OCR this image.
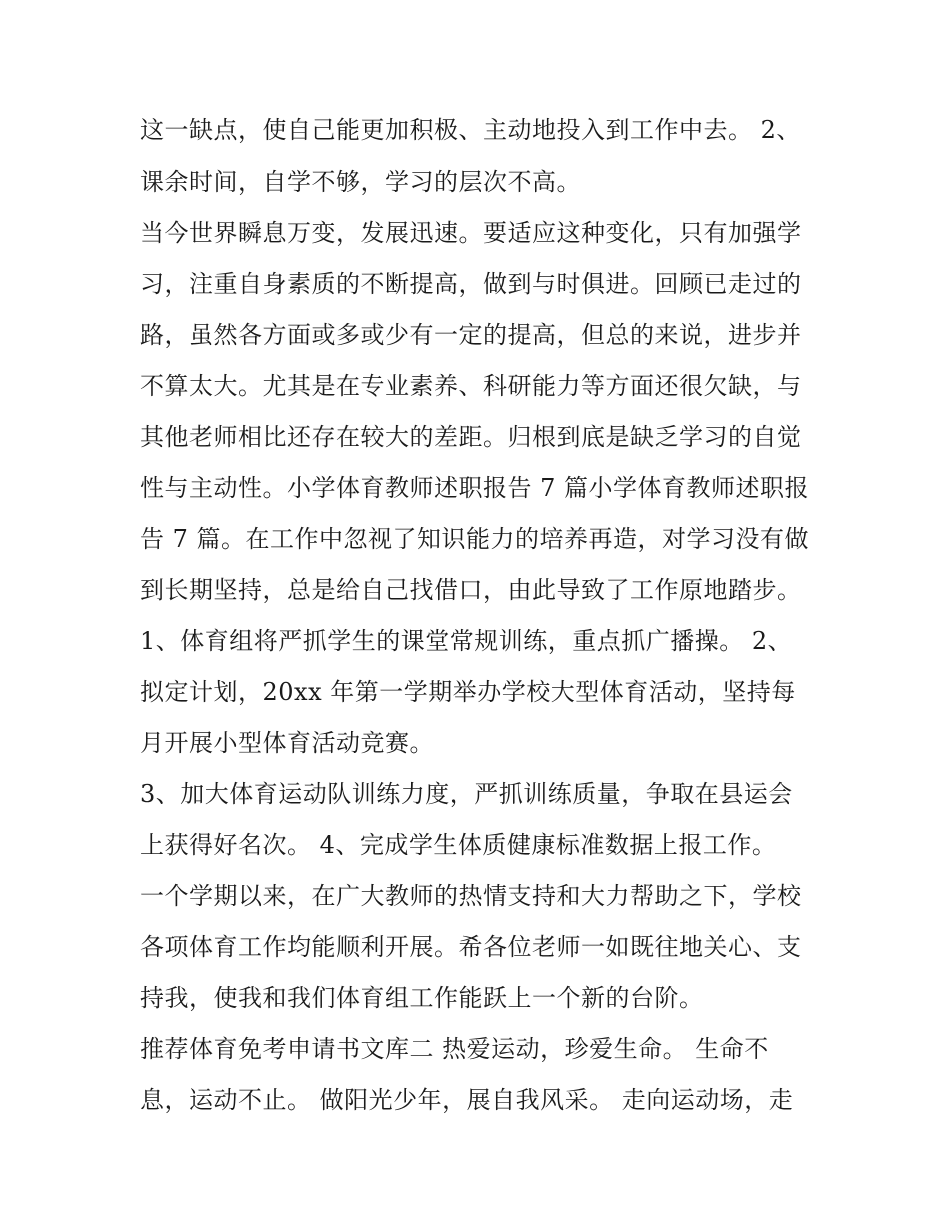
这一缺点，使自己能更加积极、主动地投入到工作中去。 2、
课余时间，自学不够，学习的层次不高。
当今世界瞬息万变，发展迅速。要适应这种变化，只有加强学
习，注重自身素质的不断提高，做到与时俱进。回顾已走过的
路，虽然各方面或多或少有一定的提高，但总的来说，进步并
不算太大。尤其是在专业素养、科研能力等方面还很欠缺，与
其他老师相比还存在较大的差距。归根到底是缺乏学习的自觉
性与主动性。小学体育教师述职报告 7 篇小学体育教师述职报
告 7 篇。在工作中忽视了知识能力的培养再造，对学习没有做
到长期坚持，总是给自己找借口，由此导致了工作原地踏步。
1、体育组将严抓学生的课堂常规训练，重点抓广播操。 2、
拟定计划，20xx 年第一学期举办学校大型体育活动，坚持每
月开展小型体育活动竞赛。
3、加大体育运动队训练力度，严抓训练质量，争取在县运会
上获得好名次。 4、完成学生体质健康标准数据上报工作。
一个学期以来，在广大教师的热情支持和大力帮助之下，学校
各项体育工作均能顺利开展。希各位老师一如既往地关心、支
持我，使我和我们体育组工作能跃上一个新的台阶。
推荐体育免考申请书文库二 热爱运动，珍爱生命。 生命不
息，运动不止。 做阳光少年，展自我风采。 走向运动场，走
